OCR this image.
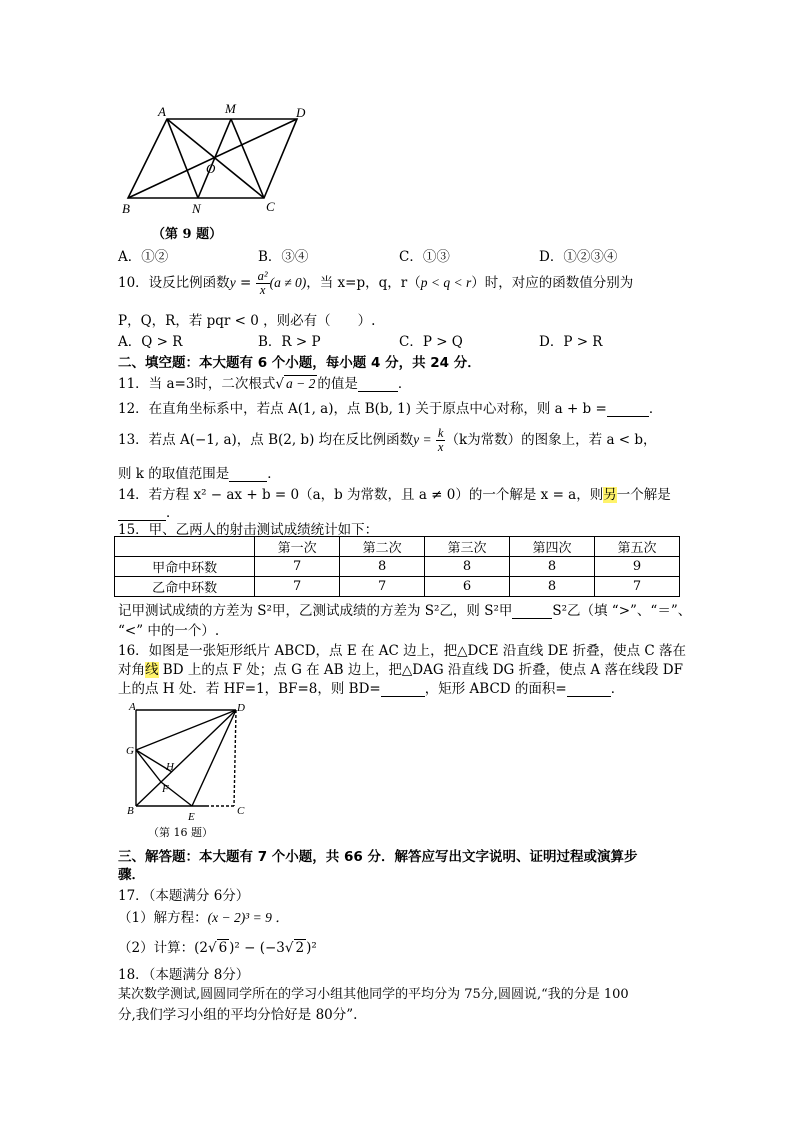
A	M	D
O
B	N	C
（第 9 题）
A．①②	B．③④	C．①③	D．①②③④
10．设反比例函数$y = \frac{\text{a²}}{x} (a \ne 0)$，当 x=p，q，r（p < q < r）时，对应的函数值分别为
P，Q，R，若 pqr < 0 ，则必有（　　）.
A．Q > R	B．R > P	C．P > Q	D．P > R
二、填空题：本大题有 6 个小题，每小题 4 分，共 24 分．
11．当 a=3时，二次根式√ a − 2 的值是	．
12．在直角坐标系中，若点 A(1, a)，点 B(b, 1) 关于原点中心对称，则 a + b =	．
13．若点 A(−1, a)，点 B(2, b) 均在反比例函数$y = \frac{k}{x} (k$为常数）的图象上，若 a < b，
则 k 的取值范围是	．
14．若方程 x² − ax + b = 0（a，b 为常数，且 a ≠ 0）的一个解是 x = a，则另一个解是
．
15．甲、乙两人的射击测试成绩统计如下：
	第一次	第二次	第三次	第四次	第五次
甲命中环数	7	8	8	8	9
乙命中环数	7	7	6	8	7
记甲测试成绩的方差为 S²甲，乙测试成绩的方差为 S²乙，则 S²甲	S²乙（填 “>”、“＝”、
“<” 中的一个）.
16．如图是一张矩形纸片 ABCD，点 E 在 AC 边上，把△DCE 沿直线 DE 折叠，使点 C 落在
对角线 BD 上的点 F 处；点 G 在 AB 边上，把△DAG 沿直线 DG 折叠，使点 A 落在线段 DF
上的点 H 处．若 HF=1，BF=8，则 BD=	，矩形 ABCD 的面积=	．
A	D
G
H
F
B	E	C
（第 16 题）
三、解答题：本大题有 7 个小题，共 66 分．解答应写出文字说明、证明过程或演算步
骤．
17．（本题满分 6分）
（1）解方程：(x − 2)³ = 9 ．
（2）计算：(2√ 6 )² − (−3√ 2 )²
18．（本题满分 8分）
某次数学测试,圆圆同学所在的学习小组其他同学的平均分为 75分,圆圆说,“我的分是 100
分,我们学习小组的平均分恰好是 80分”.
